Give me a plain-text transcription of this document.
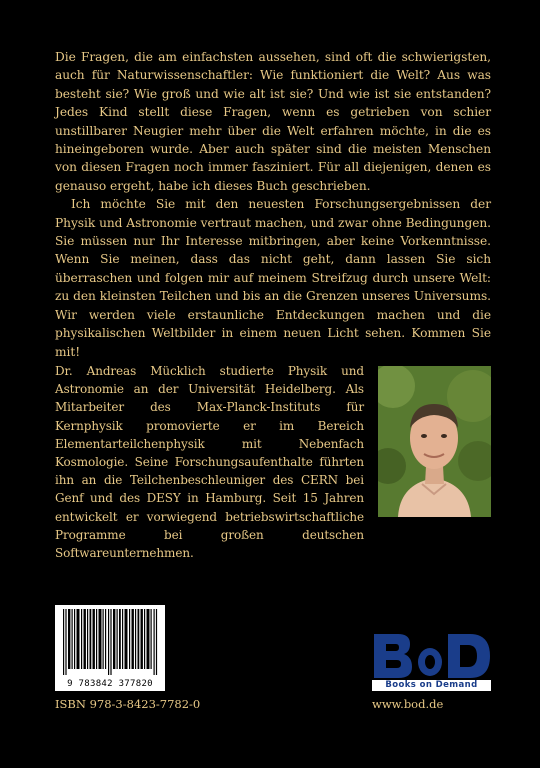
Die Fragen, die am einfachsten aussehen, sind oft die schwierigsten, auch für Naturwissenschaftler: Wie funktioniert die Welt? Aus was besteht sie? Wie groß und wie alt ist sie? Und wie ist sie entstanden? Jedes Kind stellt diese Fragen, wenn es getrieben von schier unstillbarer Neugier mehr über die Welt erfahren möchte, in die es hineingeboren wurde. Aber auch später sind die meisten Menschen von diesen Fragen noch immer fasziniert. Für all diejenigen, denen es genauso ergeht, habe ich dieses Buch geschrieben.

Ich möchte Sie mit den neuesten Forschungsergebnissen der Physik und Astronomie vertraut machen, und zwar ohne Bedingungen. Sie müssen nur Ihr Interesse mitbringen, aber keine Vorkenntnisse. Wenn Sie meinen, dass das nicht geht, dann lassen Sie sich überraschen und folgen mir auf meinem Streifzug durch unsere Welt: zu den kleinsten Teilchen und bis an die Grenzen unseres Universums. Wir werden viele erstaunliche Entdeckungen machen und die physikalischen Weltbilder in einem neuen Licht sehen. Kommen Sie mit!

Dr. Andreas Mücklich studierte Physik und Astronomie an der Universität Heidelberg. Als Mitarbeiter des Max-Planck-Instituts für Kernphysik promovierte er im Bereich Elementarteilchenphysik mit Nebenfach Kosmologie. Seine Forschungsaufenthalte führten ihn an die Teilchenbeschleuniger des CERN bei Genf und des DESY in Hamburg. Seit 15 Jahren entwickelt er vorwiegend betriebswirtschaftliche Programme bei großen deutschen Softwareunternehmen.
9 783842 377820
ISBN 978-3-8423-7782-0
Books on Demand
www.bod.de
